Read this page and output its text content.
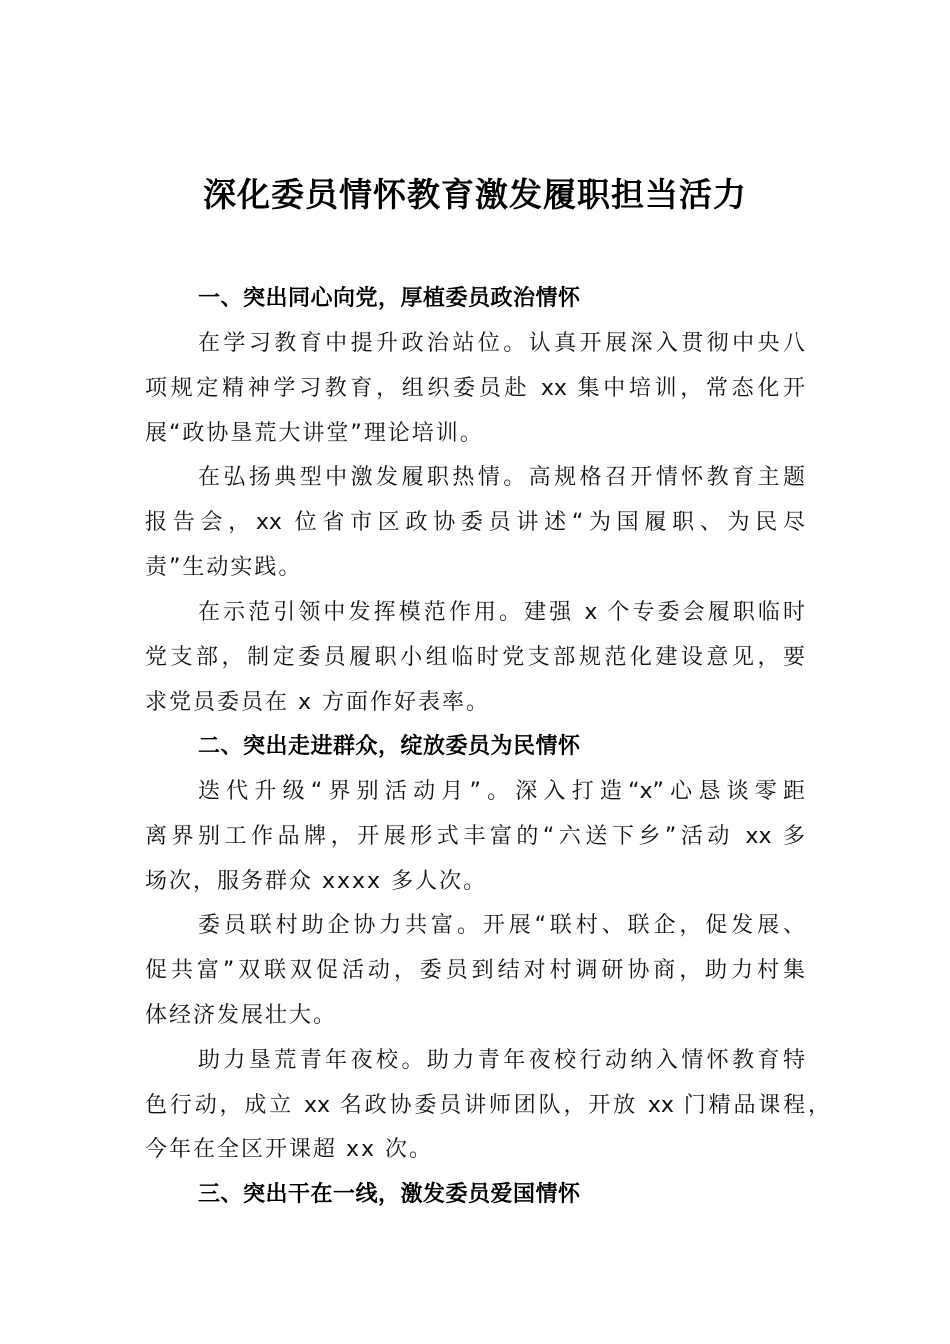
深化委员情怀教育激发履职担当活力
一、突出同心向党，厚植委员政治情怀
在学习教育中提升政治站位。认真开展深入贯彻中央八
项规定精神学习教育，组织委员赴 xx 集中培训，常态化开
展“政协垦荒大讲堂”理论培训。
在弘扬典型中激发履职热情。高规格召开情怀教育主题
报告会，xx 位省市区政协委员讲述“为国履职、为民尽
责”生动实践。
在示范引领中发挥模范作用。建强 x 个专委会履职临时
党支部，制定委员履职小组临时党支部规范化建设意见，要
求党员委员在 x 方面作好表率。
二、突出走进群众，绽放委员为民情怀
迭代升级“界别活动月”。深入打造“x”心恳谈零距
离界别工作品牌，开展形式丰富的“六送下乡”活动 xx 多
场次，服务群众 xxxx 多人次。
委员联村助企协力共富。开展“联村、联企，促发展、
促共富”双联双促活动，委员到结对村调研协商，助力村集
体经济发展壮大。
助力垦荒青年夜校。助力青年夜校行动纳入情怀教育特
色行动，成立 xx 名政协委员讲师团队，开放 xx 门精品课程，
今年在全区开课超 xx 次。
三、突出干在一线，激发委员爱国情怀
